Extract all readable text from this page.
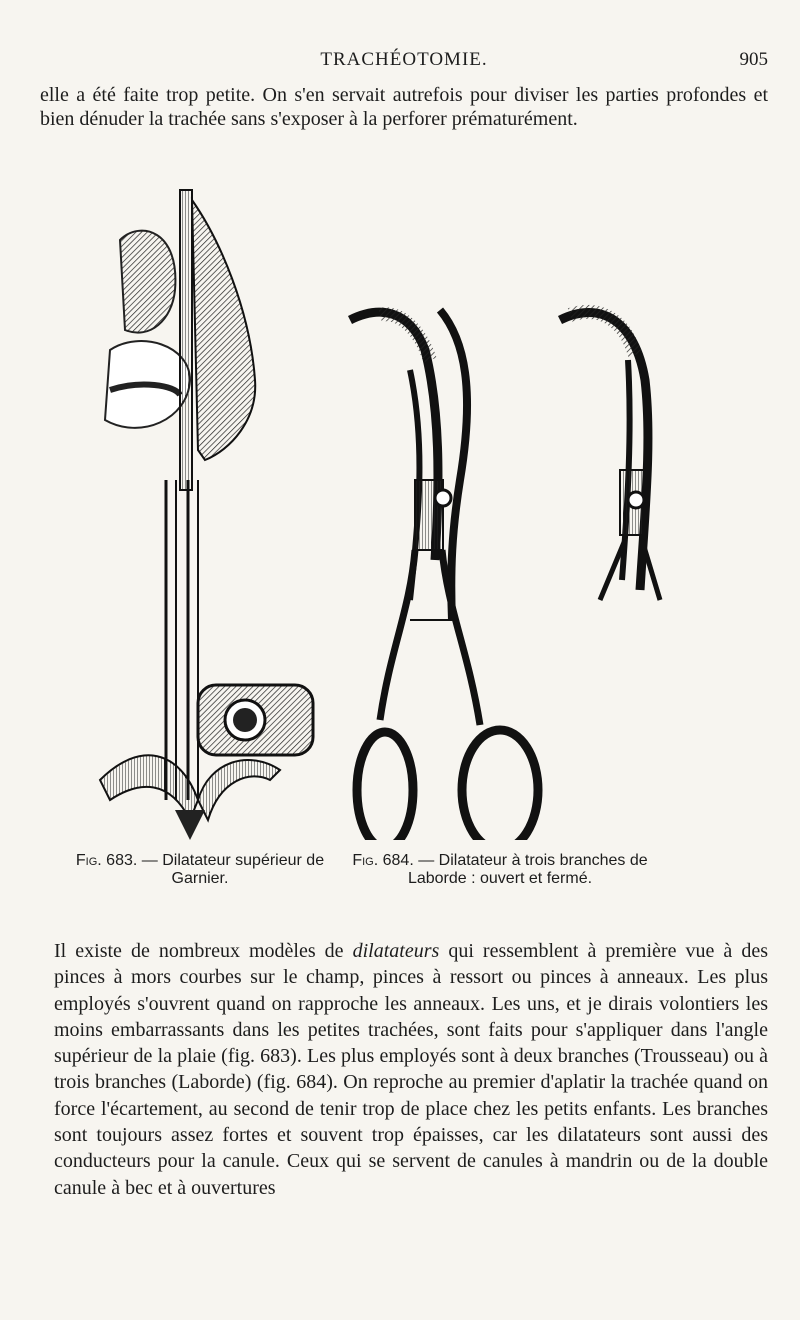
TRACHÉOTOMIE.	905

elle a été faite trop petite. On s'en servait autrefois pour diviser les parties profondes et bien dénuder la trachée sans s'exposer à la perforer prématurément.

Fig. 683. — Dilatateur supérieur de Garnier.
Fig. 684. — Dilatateur à trois branches de Laborde : ouvert et fermé.

Il existe de nombreux modèles de dilatateurs qui ressemblent à première vue à des pinces à mors courbes sur le champ, pinces à ressort ou pinces à anneaux. Les plus employés s'ouvrent quand on rapproche les anneaux. Les uns, et je dirais volontiers les moins embarrassants dans les petites trachées, sont faits pour s'appliquer dans l'angle supérieur de la plaie (fig. 683). Les plus employés sont à deux branches (Trousseau) ou à trois branches (Laborde) (fig. 684). On reproche au premier d'aplatir la trachée quand on force l'écartement, au second de tenir trop de place chez les petits enfants. Les branches sont toujours assez fortes et souvent trop épaisses, car les dilatateurs sont aussi des conducteurs pour la canule. Ceux qui se servent de canules à mandrin ou de la double canule à bec et à ouvertures
